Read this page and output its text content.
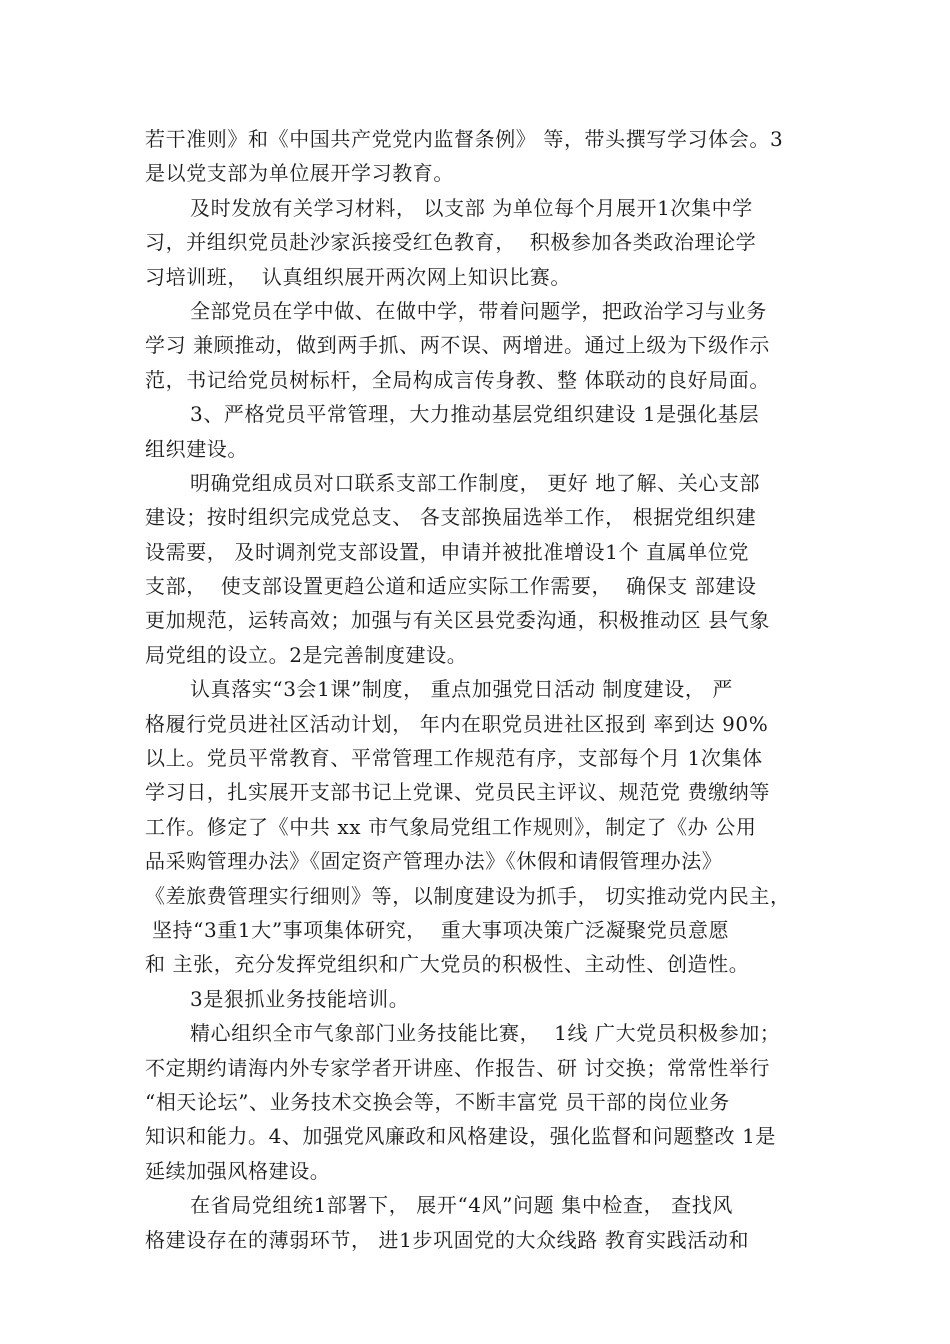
若干准则》和《中国共产党党内监督条例》 等，带头撰写学习体会。3
是以党支部为单位展开学习教育。
及时发放有关学习材料， 以支部 为单位每个月展开1次集中学
习，并组织党员赴沙家浜接受红色教育，  积极参加各类政治理论学
习培训班，  认真组织展开两次网上知识比赛。
全部党员在学中做、在做中学，带着问题学，把政治学习与业务
学习 兼顾推动，做到两手抓、两不误、两增进。通过上级为下级作示
范，书记给党员树标杆，全局构成言传身教、整 体联动的良好局面。
3、严格党员平常管理，大力推动基层党组织建设 1是强化基层
组织建设。
明确党组成员对口联系支部工作制度， 更好 地了解、关心支部
建设；按时组织完成党总支、 各支部换届选举工作， 根据党组织建
设需要， 及时调剂党支部设置，申请并被批准增设1个 直属单位党
支部，  使支部设置更趋公道和适应实际工作需要，  确保支 部建设
更加规范，运转高效；加强与有关区县党委沟通，积极推动区 县气象
局党组的设立。2是完善制度建设。
认真落实“3会1课”制度， 重点加强党日活动 制度建设， 严
格履行党员进社区活动计划， 年内在职党员进社区报到 率到达 90%
以上。党员平常教育、平常管理工作规范有序，支部每个月 1次集体
学习日，扎实展开支部书记上党课、党员民主评议、规范党 费缴纳等
工作。修定了《中共 xx 市气象局党组工作规则》，制定了《办 公用
品采购管理办法》《固定资产管理办法》《休假和请假管理办法》
《差旅费管理实行细则》等，以制度建设为抓手， 切实推动党内民主，
坚持“3重1大”事项集体研究，  重大事项决策广泛凝聚党员意愿
和 主张，充分发挥党组织和广大党员的积极性、主动性、创造性。
3是狠抓业务技能培训。
精心组织全市气象部门业务技能比赛，  1线 广大党员积极参加；
不定期约请海内外专家学者开讲座、作报告、研 讨交换；常常性举行
“相天论坛”、业务技术交换会等，不断丰富党 员干部的岗位业务
知识和能力。4、加强党风廉政和风格建设，强化监督和问题整改 1是
延续加强风格建设。
在省局党组统1部署下， 展开“4风”问题 集中检查， 查找风
格建设存在的薄弱环节， 进1步巩固党的大众线路 教育实践活动和
